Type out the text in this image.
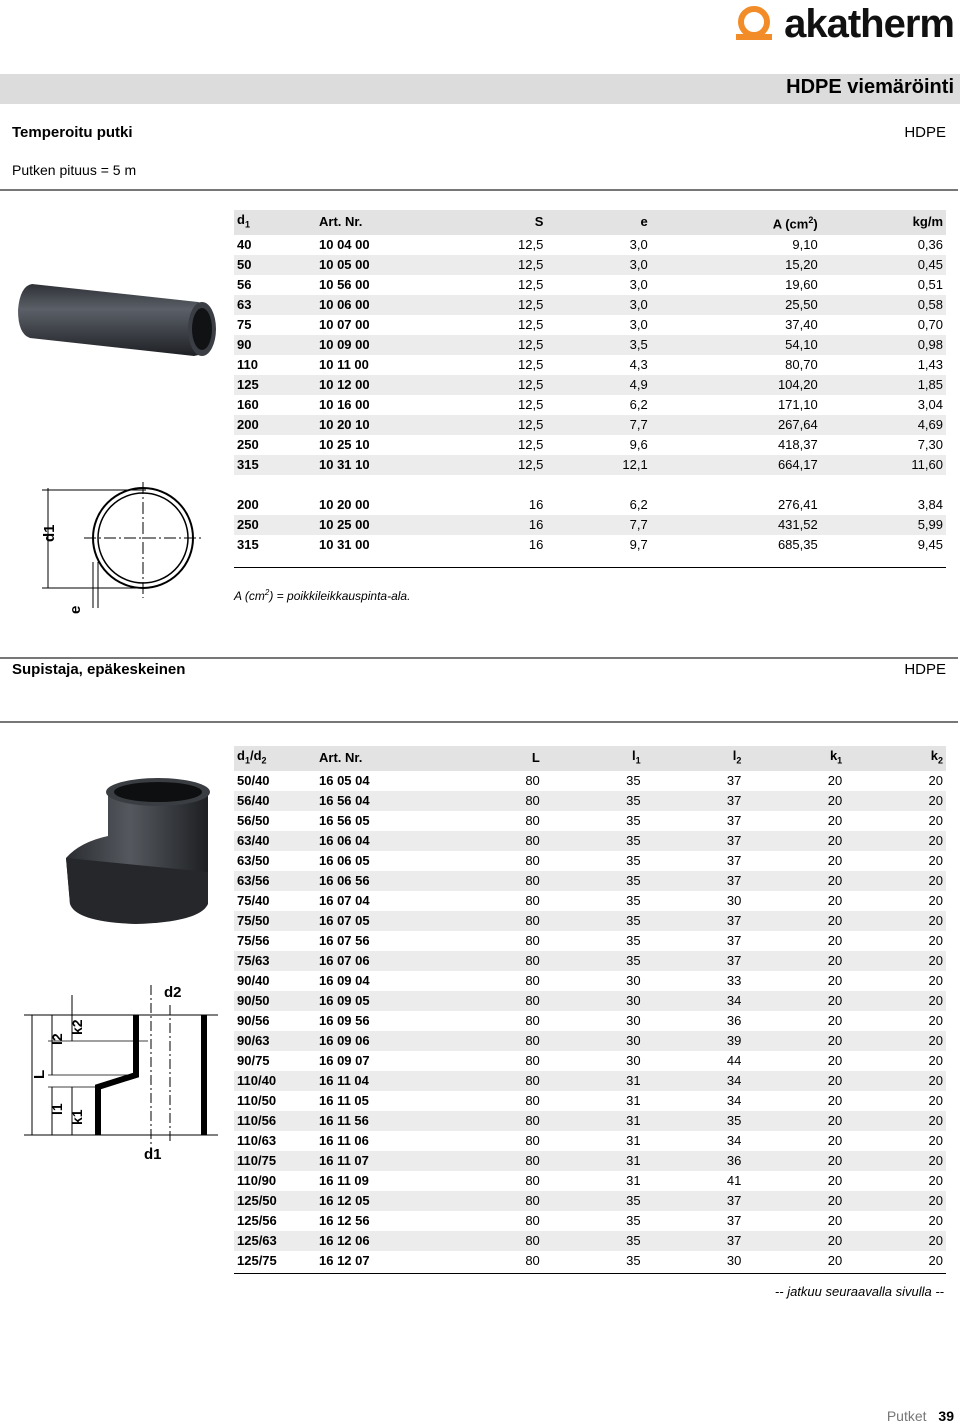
akatherm
HDPE viemäröinti
Temperoitu putki	HDPE
Putken pituus = 5 m
d1
e
$d_1$	Art. Nr.	S	e	A $(cm^2)$	kg/m
40	10 04 00	12,5	3,0	9,10	0,36
50	10 05 00	12,5	3,0	15,20	0,45
56	10 56 00	12,5	3,0	19,60	0,51
63	10 06 00	12,5	3,0	25,50	0,58
75	10 07 00	12,5	3,0	37,40	0,70
90	10 09 00	12,5	3,5	54,10	0,98
110	10 11 00	12,5	4,3	80,70	1,43
125	10 12 00	12,5	4,9	104,20	1,85
160	10 16 00	12,5	6,2	171,10	3,04
200	10 20 10	12,5	7,7	267,64	4,69
250	10 25 10	12,5	9,6	418,37	7,30
315	10 31 10	12,5	12,1	664,17	11,60

200	10 20 00	16	6,2	276,41	3,84
250	10 25 00	16	7,7	431,52	5,99
315	10 31 00	16	9,7	685,35	9,45
A $(cm^2)$ = poikkileikkauspinta-ala.
Supistaja, epäkeskeinen	HDPE
L
l2
l1
k2
k1
d2
d1
$d_1/d_2$	Art. Nr.	L	$l_1$	$l_2$	$k_1$	$k_2$
50/40	16 05 04	80	35	37	20	20
56/40	16 56 04	80	35	37	20	20
56/50	16 56 05	80	35	37	20	20
63/40	16 06 04	80	35	37	20	20
63/50	16 06 05	80	35	37	20	20
63/56	16 06 56	80	35	37	20	20
75/40	16 07 04	80	35	30	20	20
75/50	16 07 05	80	35	37	20	20
75/56	16 07 56	80	35	37	20	20
75/63	16 07 06	80	35	37	20	20
90/40	16 09 04	80	30	33	20	20
90/50	16 09 05	80	30	34	20	20
90/56	16 09 56	80	30	36	20	20
90/63	16 09 06	80	30	39	20	20
90/75	16 09 07	80	30	44	20	20
110/40	16 11 04	80	31	34	20	20
110/50	16 11 05	80	31	34	20	20
110/56	16 11 56	80	31	35	20	20
110/63	16 11 06	80	31	34	20	20
110/75	16 11 07	80	31	36	20	20
110/90	16 11 09	80	31	41	20	20
125/50	16 12 05	80	35	37	20	20
125/56	16 12 56	80	35	37	20	20
125/63	16 12 06	80	35	37	20	20
125/75	16 12 07	80	35	30	20	20
-- jatkuu seuraavalla sivulla --
Putket 39
